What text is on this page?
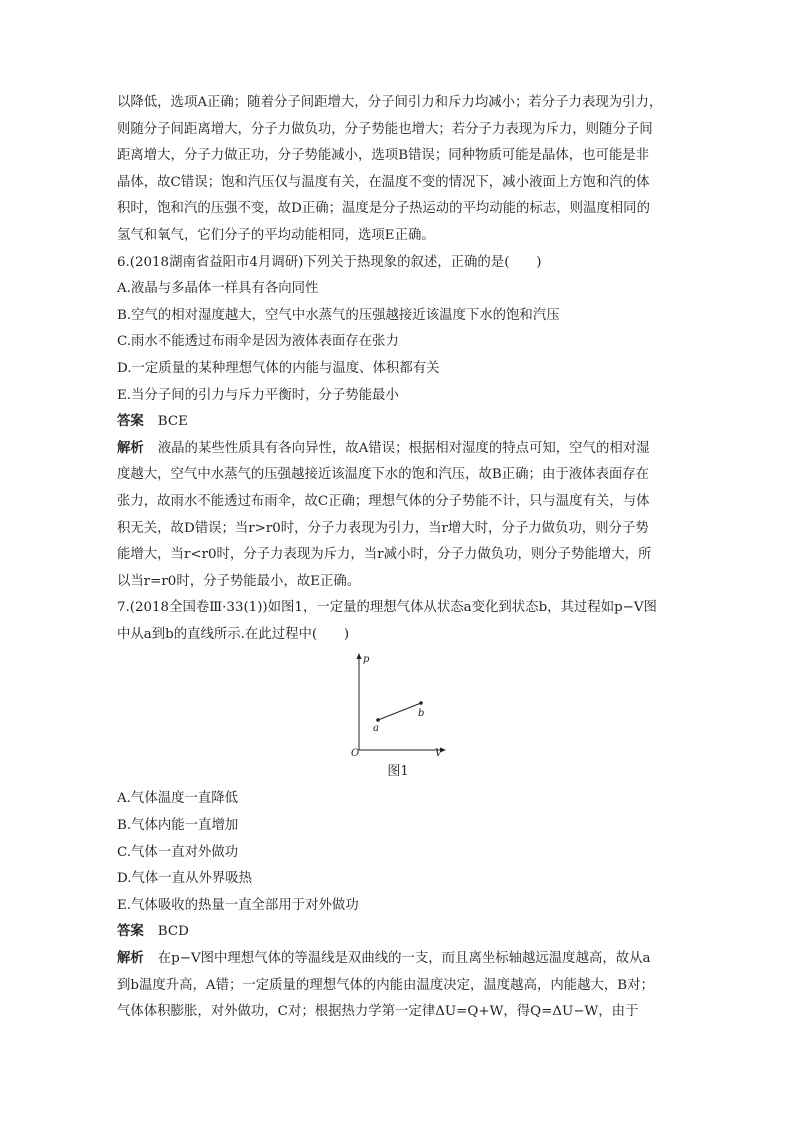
以降低，选项A正确；随着分子间距增大，分子间引力和斥力均减小；若分子力表现为引力，

则随分子间距离增大，分子力做负功，分子势能也增大；若分子力表现为斥力，则随分子间

距离增大，分子力做正功，分子势能减小，选项B错误；同种物质可能是晶体，也可能是非

晶体，故C错误；饱和汽压仅与温度有关，在温度不变的情况下，减小液面上方饱和汽的体

积时，饱和汽的压强不变，故D正确；温度是分子热运动的平均动能的标志，则温度相同的

氢气和氧气，它们分子的平均动能相同，选项E正确。

6.(2018湖南省益阳市4月调研)下列关于热现象的叙述，正确的是(　　)

A.液晶与多晶体一样具有各向同性

B.空气的相对湿度越大，空气中水蒸气的压强越接近该温度下水的饱和汽压

C.雨水不能透过布雨伞是因为液体表面存在张力

D.一定质量的某种理想气体的内能与温度、体积都有关

E.当分子间的引力与斥力平衡时，分子势能最小

答案 BCE

解析 液晶的某些性质具有各向异性，故A错误；根据相对湿度的特点可知，空气的相对湿

度越大，空气中水蒸气的压强越接近该温度下水的饱和汽压，故B正确；由于液体表面存在

张力，故雨水不能透过布雨伞，故C正确；理想气体的分子势能不计，只与温度有关，与体

积无关，故D错误；当r>r0时，分子力表现为引力，当r增大时，分子力做负功，则分子势

能增大，当r<r0时，分子力表现为斥力，当r减小时，分子力做负功，则分子势能增大，所

以当r=r0时，分子势能最小，故E正确。

7.(2018全国卷Ⅲ·33(1))如图1，一定量的理想气体从状态a变化到状态b，其过程如p−V图

中从a到b的直线所示.在此过程中(　　)

p
V
O
a
b
图1

A.气体温度一直降低

B.气体内能一直增加

C.气体一直对外做功

D.气体一直从外界吸热

E.气体吸收的热量一直全部用于对外做功

答案 BCD

解析 在p−V图中理想气体的等温线是双曲线的一支，而且离坐标轴越远温度越高，故从a

到b温度升高，A错；一定质量的理想气体的内能由温度决定，温度越高，内能越大，B对；

气体体积膨胀，对外做功，C对；根据热力学第一定律ΔU=Q+W，得Q=ΔU−W，由于
